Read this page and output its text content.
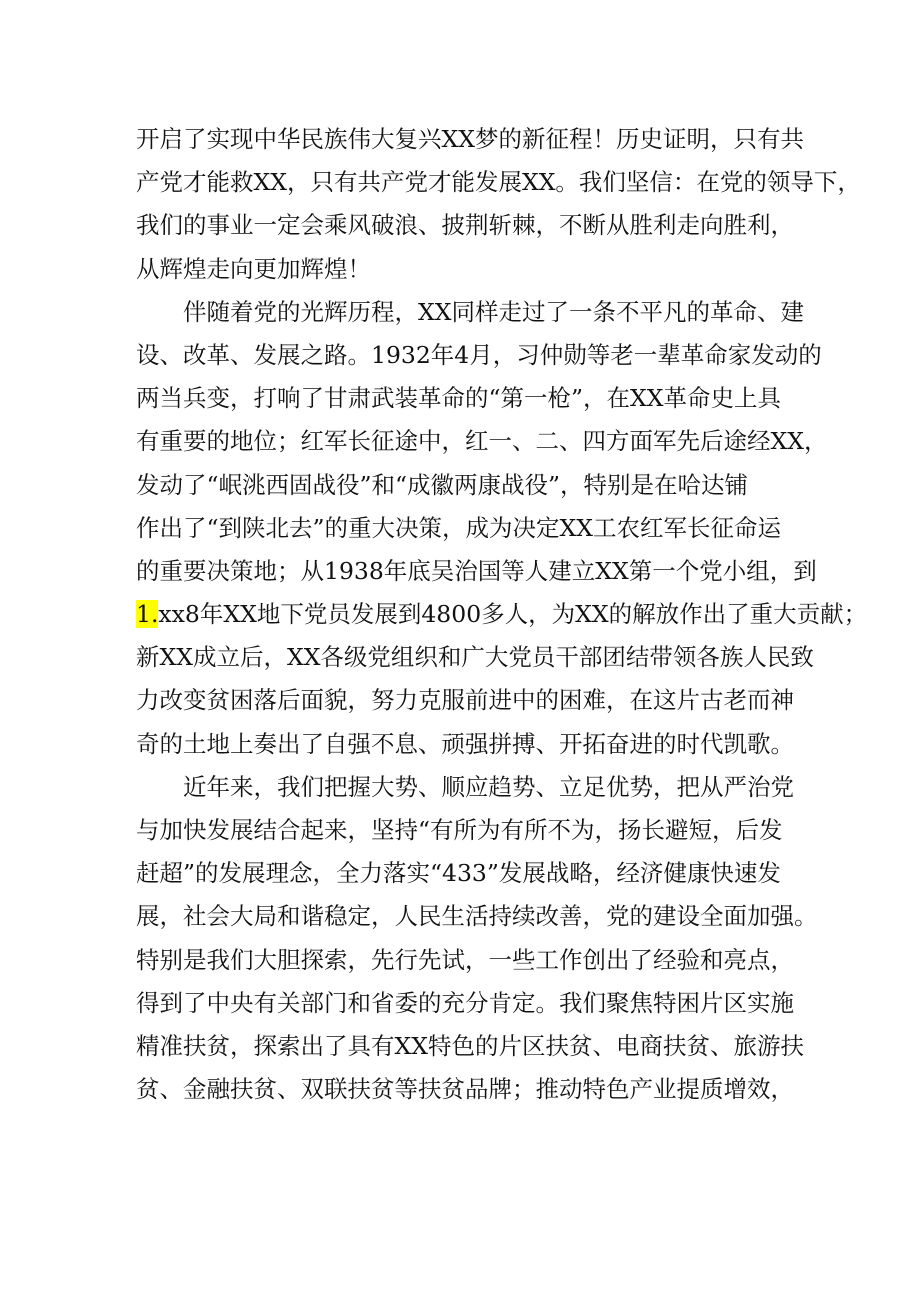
开启了实现中华民族伟大复兴XX梦的新征程！历史证明，只有共
产党才能救XX，只有共产党才能发展XX。我们坚信：在党的领导下，
我们的事业一定会乘风破浪、披荆斩棘，不断从胜利走向胜利，
从辉煌走向更加辉煌！
伴随着党的光辉历程，XX同样走过了一条不平凡的革命、建
设、改革、发展之路。1932年4月，习仲勋等老一辈革命家发动的
两当兵变，打响了甘肃武装革命的“第一枪”，在XX革命史上具
有重要的地位；红军长征途中，红一、二、四方面军先后途经XX，
发动了“岷洮西固战役”和“成徽两康战役”，特别是在哈达铺
作出了“到陕北去”的重大决策，成为决定XX工农红军长征命运
的重要决策地；从1938年底吴治国等人建立XX第一个党小组，到
1.xx8年XX地下党员发展到4800多人，为XX的解放作出了重大贡献；
新XX成立后，XX各级党组织和广大党员干部团结带领各族人民致
力改变贫困落后面貌，努力克服前进中的困难，在这片古老而神
奇的土地上奏出了自强不息、顽强拼搏、开拓奋进的时代凯歌。
近年来，我们把握大势、顺应趋势、立足优势，把从严治党
与加快发展结合起来，坚持“有所为有所不为，扬长避短，后发
赶超”的发展理念，全力落实“433”发展战略，经济健康快速发
展，社会大局和谐稳定，人民生活持续改善，党的建设全面加强。
特别是我们大胆探索，先行先试，一些工作创出了经验和亮点，
得到了中央有关部门和省委的充分肯定。我们聚焦特困片区实施
精准扶贫，探索出了具有XX特色的片区扶贫、电商扶贫、旅游扶
贫、金融扶贫、双联扶贫等扶贫品牌；推动特色产业提质增效，
